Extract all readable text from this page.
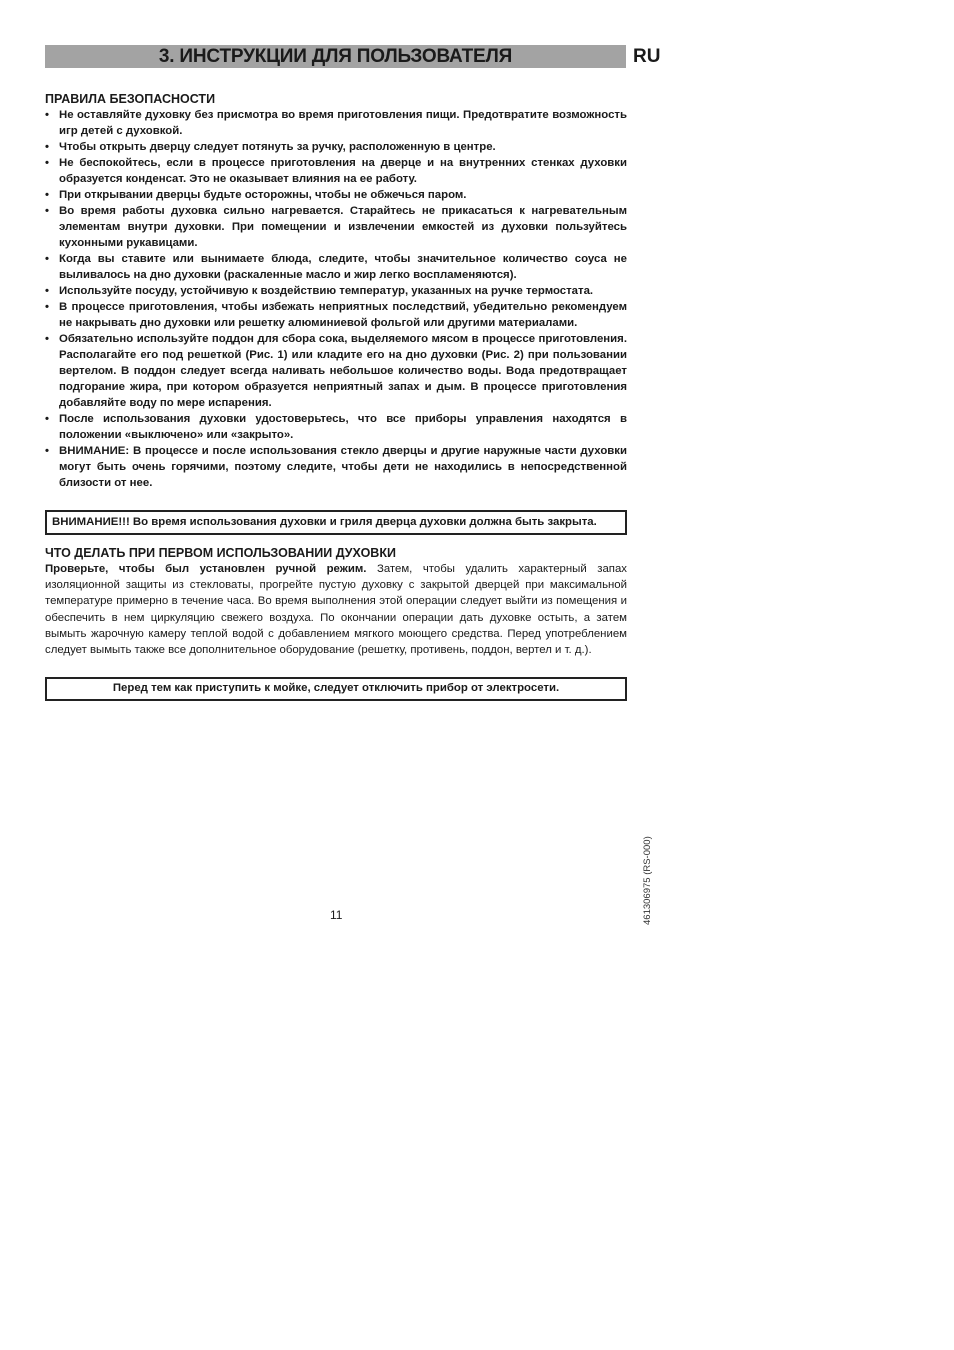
3. ИНСТРУКЦИИ ДЛЯ ПОЛЬЗОВАТЕЛЯ	RU

ПРАВИЛА БЕЗОПАСНОСТИ

• Не оставляйте духовку без присмотра во время приготовления пищи. Предотвратите возможность игр детей с духовкой.
• Чтобы открыть дверцу следует потянуть за ручку, расположенную в центре.
• Не беспокойтесь, если в процессе приготовления на дверце и на внутренних стенках духовки образуется конденсат. Это не оказывает влияния на ее работу.
• При открывании дверцы будьте осторожны, чтобы не обжечься паром.
• Во время работы духовка сильно нагревается. Старайтесь не прикасаться к нагревательным элементам внутри духовки. При помещении и извлечении емкостей из духовки пользуйтесь кухонными рукавицами.
• Когда вы ставите или вынимаете блюда, следите, чтобы значительное количество соуса не выливалось на дно духовки (раскаленные масло и жир легко воспламеняются).
• Используйте посуду, устойчивую к воздействию температур, указанных на ручке термостата.
• В процессе приготовления, чтобы избежать неприятных последствий, убедительно рекомендуем не накрывать дно духовки или решетку алюминиевой фольгой или другими материалами.
• Обязательно используйте поддон для сбора сока, выделяемого мясом в процессе приготовления. Располагайте его под решеткой (Рис. 1) или кладите его на дно духовки (Рис. 2) при пользовании вертелом. В поддон следует всегда наливать небольшое количество воды. Вода предотвращает подгорание жира, при котором образуется неприятный запах и дым. В процессе приготовления добавляйте воду по мере испарения.
• После использования духовки удостоверьтесь, что все приборы управления находятся в положении «выключено» или «закрыто».
• ВНИМАНИЕ: В процессе и после использования стекло дверцы и другие наружные части духовки могут быть очень горячими, поэтому следите, чтобы дети не находились в непосредственной близости от нее.
ВНИМАНИЕ!!! Во время использования духовки и гриля дверца духовки должна быть закрыта.

ЧТО ДЕЛАТЬ ПРИ ПЕРВОМ ИСПОЛЬЗОВАНИИ ДУХОВКИ

Проверьте, чтобы был установлен ручной режим. Затем, чтобы удалить характерный запах изоляционной защиты из стекловаты, прогрейте пустую духовку с закрытой дверцей при максимальной температуре примерно в течение часа. Во время выполнения этой операции следует выйти из помещения и обеспечить в нем циркуляцию свежего воздуха. По окончании операции дать духовке остыть, а затем вымыть жарочную камеру теплой водой с добавлением мягкого моющего средства. Перед употреблением следует вымыть также все дополнительное оборудование (решетку, противень, поддон, вертел и т. д.).

Перед тем как приступить к мойке, следует отключить прибор от электросети.
11	461306975 (RS-000)
